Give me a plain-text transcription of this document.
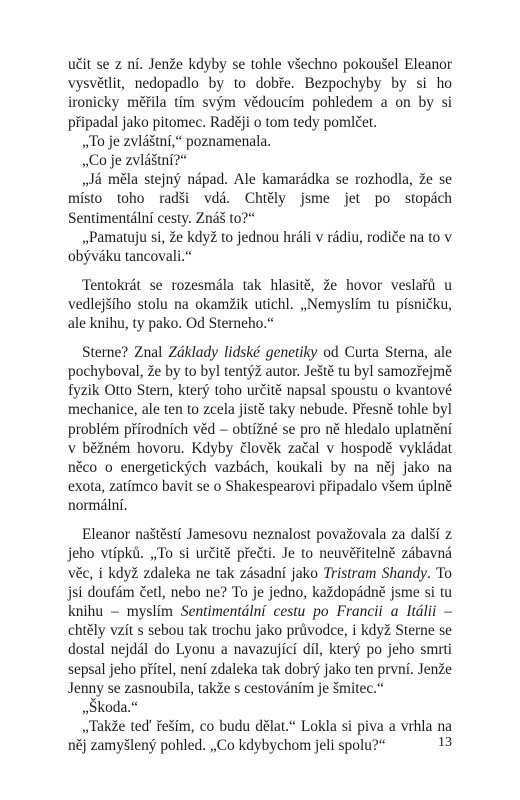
učit se z ní. Jenže kdyby se tohle všechno pokoušel Eleanor vysvětlit, nedopadlo by to dobře. Bezpochyby by si ho ironicky měřila tím svým vědoucím pohledem a on by si připadal jako pitomec. Raději o tom tedy pomlčet.

„To je zvláštní,“ poznamenala.

„Co je zvláštní?“

„Já měla stejný nápad. Ale kamarádka se rozhodla, že se místo toho radši vdá. Chtěly jsme jet po stopách Sentimentální cesty. Znáš to?“

„Pamatuju si, že když to jednou hráli v rádiu, rodiče na to v obýváku tancovali.“

Tentokrát se rozesmála tak hlasitě, že hovor veslařů u vedlejšího stolu na okamžik utichl. „Nemyslím tu písničku, ale knihu, ty pako. Od Sterneho.“

Sterne? Znal Základy lidské genetiky od Curta Sterna, ale pochyboval, že by to byl tentýž autor. Ještě tu byl samozřejmě fyzik Otto Stern, který toho určitě napsal spoustu o kvantové mechanice, ale ten to zcela jistě taky nebude. Přesně tohle byl problém přírodních věd – obtížné se pro ně hledalo uplatnění v běžném hovoru. Kdyby člověk začal v hospodě vykládat něco o energetických vazbách, koukali by na něj jako na exota, zatímco bavit se o Shakespearovi připadalo všem úplně normální.

Eleanor naštěstí Jamesovu neznalost považovala za další z jeho vtípků. „To si určitě přečti. Je to neuvěřitelně zábavná věc, i když zdaleka ne tak zásadní jako Tristram Shandy. To jsi doufám četl, nebo ne? To je jedno, každopádně jsme si tu knihu – myslím Sentimentální cestu po Francii a Itálii – chtěly vzít s sebou tak trochu jako průvodce, i když Sterne se dostal nejdál do Lyonu a navazující díl, který po jeho smrti sepsal jeho přítel, není zdaleka tak dobrý jako ten první. Jenže Jenny se zasnoubila, takže s cestováním je šmitec.“

„Škoda.“

„Takže teď řeším, co budu dělat.“ Lokla si piva a vrhla na něj zamyšlený pohled. „Co kdybychom jeli spolu?“	13
